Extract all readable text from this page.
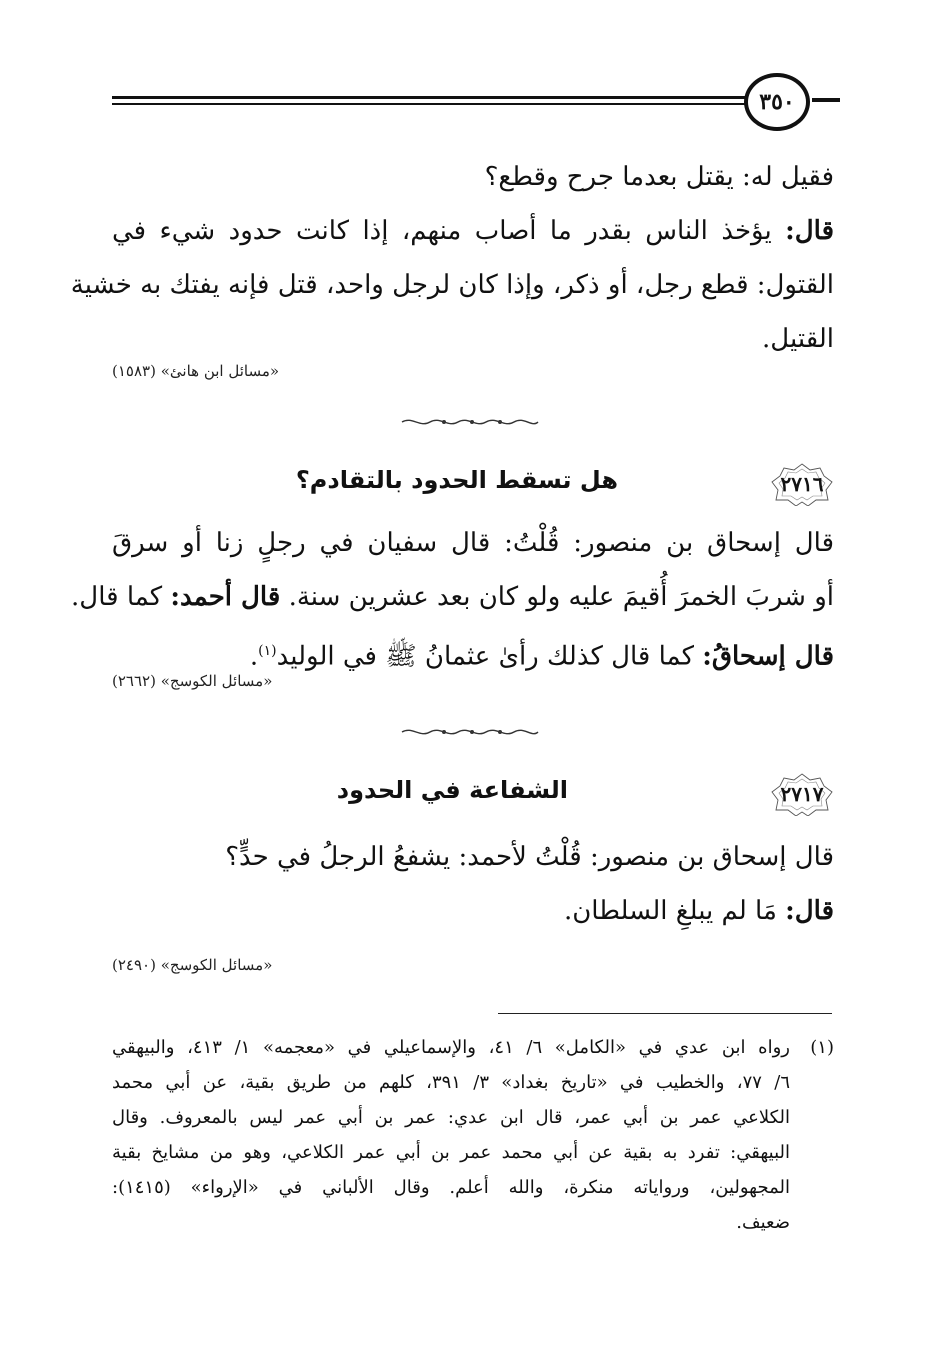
٣٥٠
فقيل له: يقتل بعدما جرح وقطع؟
قال: يؤخذ الناس بقدر ما أصاب منهم، إذا كانت حدود شيء في
القتول: قطع رجل، أو ذكر، وإذا كان لرجل واحد، قتل فإنه يفتك به خشية
القتيل.
«مسائل ابن هانئ» (١٥٨٣)
٢٧١٦
هل تسقط الحدود بالتقادم؟
قال إسحاق بن منصور: قُلْتُ: قال سفيان في رجلٍ زنا أو سرقَ
أو شربَ الخمرَ أُقيمَ عليه ولو كان بعد عشرين سنة. قال أحمد: كما قال.
قال إسحاقُ: كما قال كذلك رأىٰ عثمانُ ﷺ في الوليد$^{(١)}$.
«مسائل الكوسج» (٢٦٦٢)
٢٧١٧
الشفاعة في الحدود
قال إسحاق بن منصور: قُلْتُ لأحمد: يشفعُ الرجلُ في حدٍّ؟
قال: مَا لم يبلغِ السلطان.
«مسائل الكوسج» (٢٤٩٠)
(١)
رواه ابن عدي في «الكامل» ٦/ ٤١، والإسماعيلي في «معجمه» ١/ ٤١٣، والبيهقي
٦/ ٧٧، والخطيب في «تاريخ بغداد» ٣/ ٣٩١، كلهم من طريق بقية، عن أبي محمد
الكلاعي عمر بن أبي عمر، قال ابن عدي: عمر بن أبي عمر ليس بالمعروف. وقال
البيهقي: تفرد به بقية عن أبي محمد عمر بن أبي عمر الكلاعي، وهو من مشايخ بقية
المجهولين، ورواياته منكرة، والله أعلم. وقال الألباني في «الإرواء» (١٤١٥):
ضعيف.
